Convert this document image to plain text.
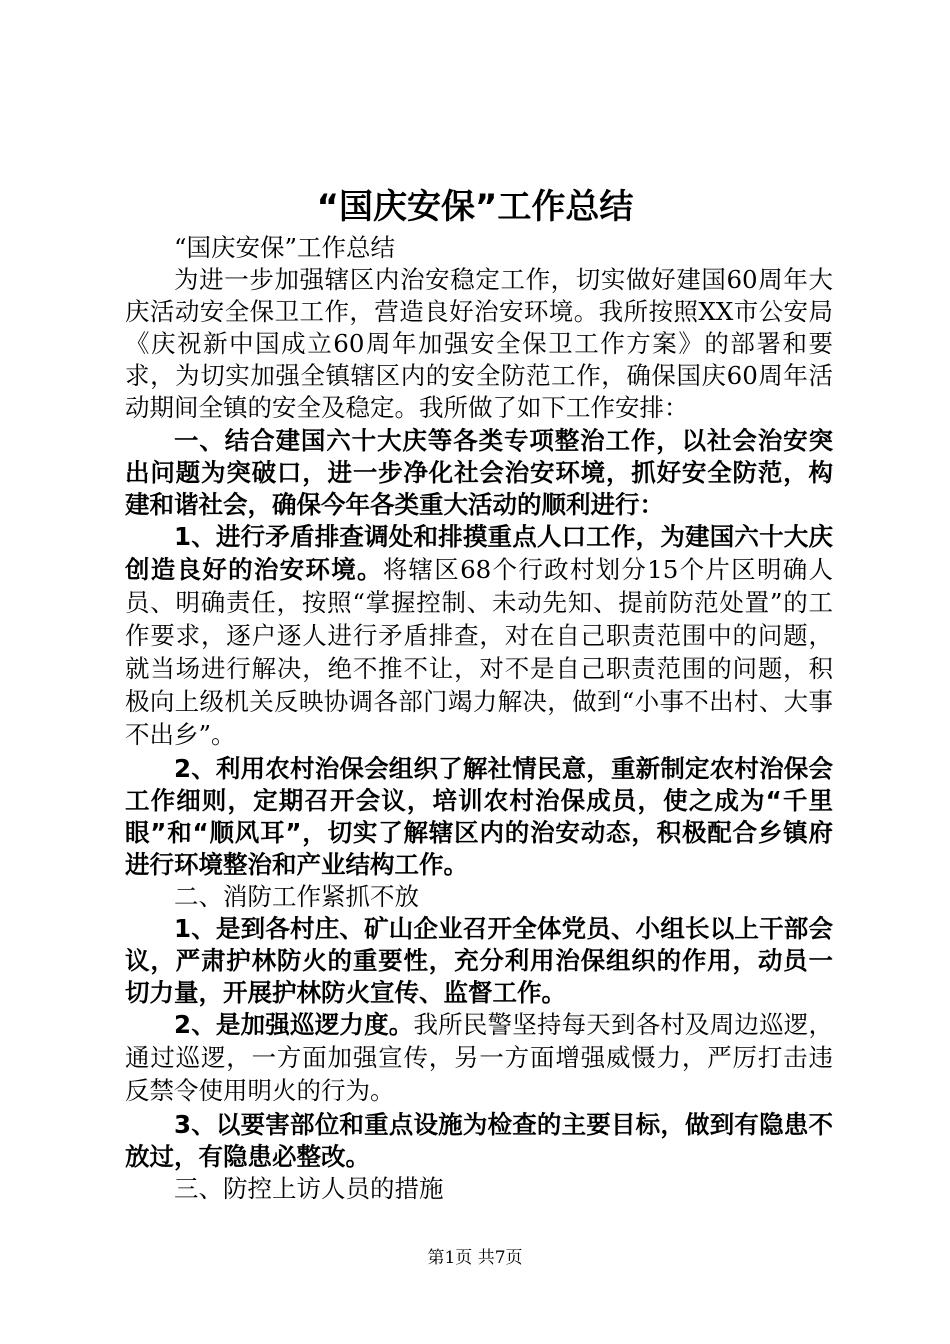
“国庆安保”工作总结

“国庆安保”工作总结

为进一步加强辖区内治安稳定工作，切实做好建国60周年大庆活动安全保卫工作，营造良好治安环境。我所按照XX市公安局《庆祝新中国成立60周年加强安全保卫工作方案》的部署和要求，为切实加强全镇辖区内的安全防范工作，确保国庆60周年活动期间全镇的安全及稳定。我所做了如下工作安排：

一、结合建国六十大庆等各类专项整治工作，以社会治安突出问题为突破口，进一步净化社会治安环境，抓好安全防范，构建和谐社会，确保今年各类重大活动的顺利进行：

1、进行矛盾排查调处和排摸重点人口工作，为建国六十大庆创造良好的治安环境。将辖区68个行政村划分15个片区明确人员、明确责任，按照“掌握控制、未动先知、提前防范处置”的工作要求，逐户逐人进行矛盾排查，对在自己职责范围中的问题，就当场进行解决，绝不推不让，对不是自己职责范围的问题，积极向上级机关反映协调各部门竭力解决，做到“小事不出村、大事不出乡”。

2、利用农村治保会组织了解社情民意，重新制定农村治保会工作细则，定期召开会议，培训农村治保成员，使之成为“千里眼”和“顺风耳”，切实了解辖区内的治安动态，积极配合乡镇府进行环境整治和产业结构工作。

二、消防工作紧抓不放

1、是到各村庄、矿山企业召开全体党员、小组长以上干部会议，严肃护林防火的重要性，充分利用治保组织的作用，动员一切力量，开展护林防火宣传、监督工作。

2、是加强巡逻力度。我所民警坚持每天到各村及周边巡逻，通过巡逻，一方面加强宣传，另一方面增强威慑力，严厉打击违反禁令使用明火的行为。

3、以要害部位和重点设施为检查的主要目标，做到有隐患不放过，有隐患必整改。

三、防控上访人员的措施

第1页 共7页
